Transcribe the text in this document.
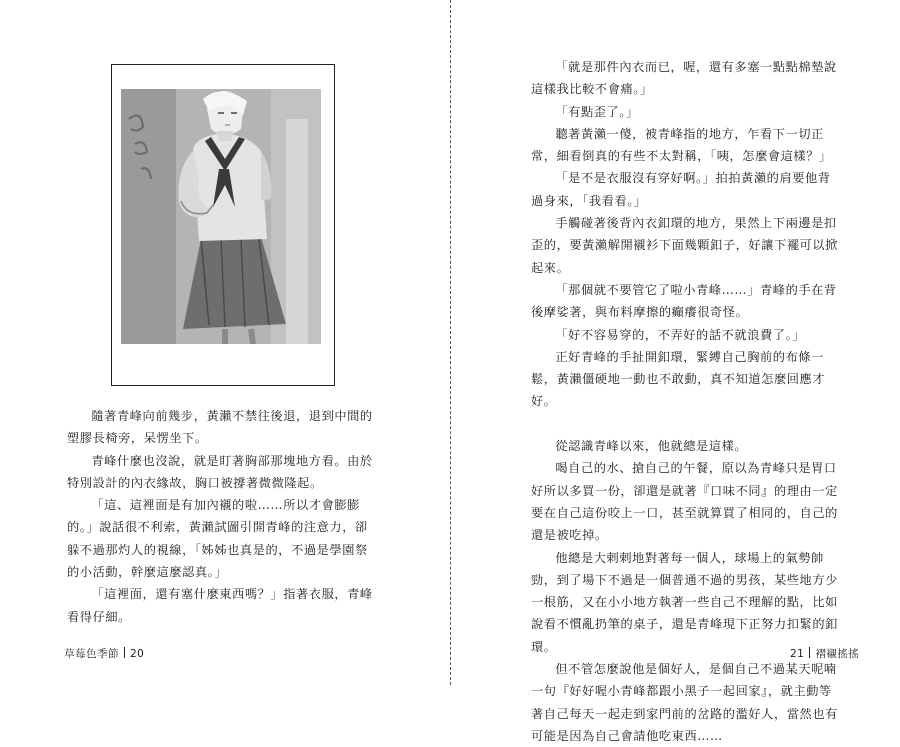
隨著青峰向前幾步，黃瀨不禁往後退，退到中間的塑膠長椅旁，呆愣坐下。

青峰什麼也沒說，就是盯著胸部那塊地方看。由於特別設計的內衣緣故，胸口被撐著微微隆起。

「這、這裡面是有加內襯的啦……所以才會膨膨的。」說話很不利索，黃瀨試圖引開青峰的注意力，卻躲不過那灼人的視線，「姊姊也真是的，不過是學園祭的小活動，幹麼這麼認真。」

「這裡面，還有塞什麼東西嗎？」指著衣服，青峰看得仔細。

草莓色季節 20

「就是那件內衣而已，喔，還有多塞一點點棉墊說這樣我比較不會痛。」

「有點歪了。」

聽著黃瀨一傻，被青峰指的地方，乍看下一切正常，細看倒真的有些不太對稱，「咦，怎麼會這樣？」

「是不是衣服沒有穿好啊。」拍拍黃瀨的肩要他背過身來，「我看看。」

手觸碰著後背內衣釦環的地方，果然上下兩邊是扣歪的，要黃瀨解開襯衫下面幾顆釦子，好讓下襬可以掀起來。

「那個就不要管它了啦小青峰……」青峰的手在背後摩娑著，與布料摩擦的癲癢很奇怪。

「好不容易穿的，不弄好的話不就浪費了。」

正好青峰的手扯開釦環，緊縛自己胸前的布條一鬆，黃瀨僵硬地一動也不敢動，真不知道怎麼回應才好。

從認識青峰以來，他就總是這樣。

喝自己的水、搶自己的午餐，原以為青峰只是胃口好所以多買一份，卻還是就著『口味不同』的理由一定要在自己這份咬上一口，甚至就算買了相同的，自己的還是被吃掉。

他總是大剌剌地對著每一個人，球場上的氣勢帥勁，到了場下不過是一個普通不過的男孩，某些地方少一根筋，又在小小地方執著一些自己不理解的點，比如說看不慣亂扔筆的桌子，還是青峰現下正努力扣緊的釦環。

但不管怎麼說他是個好人，是個自己不過某天呢喃一句『好好喔小青峰都跟小黑子一起回家』，就主動等著自己每天一起走到家門前的岔路的濫好人，當然也有可能是因為自己會請他吃東西……

21 褶襯搖搖
